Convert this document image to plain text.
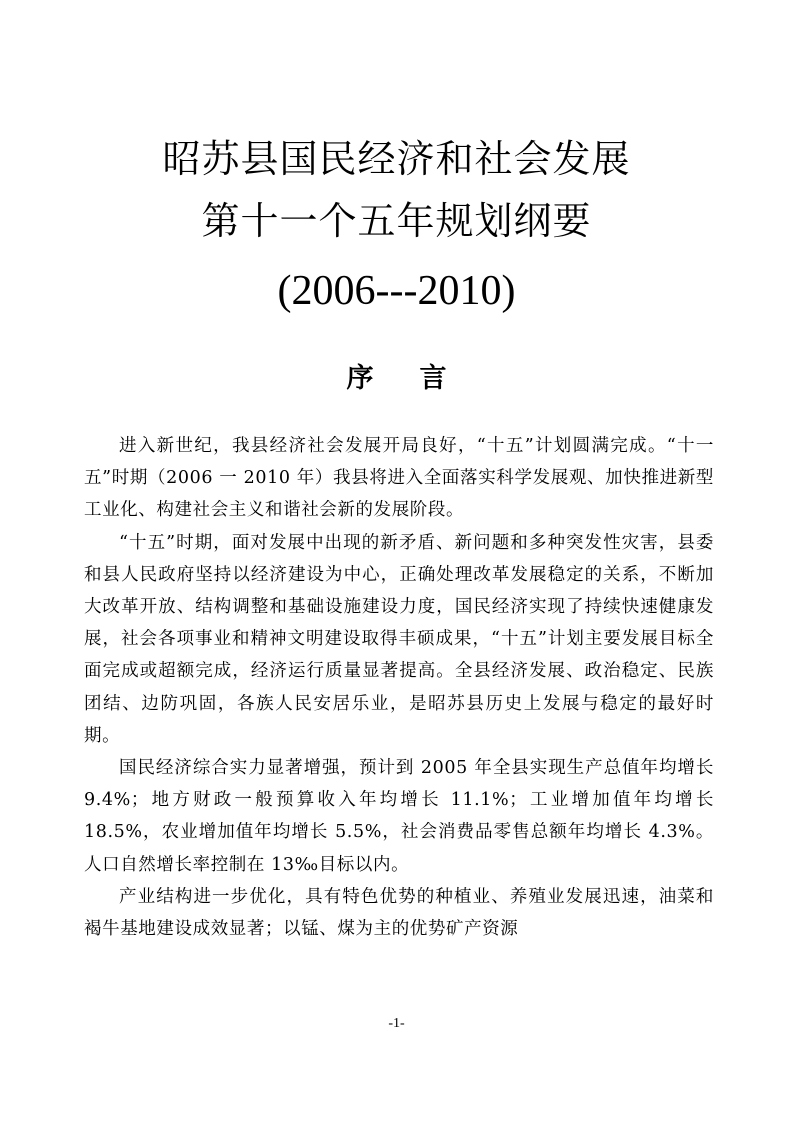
昭苏县国民经济和社会发展
第十一个五年规划纲要
(2006---2010)
序 言

进入新世纪，我县经济社会发展开局良好，“十五”计划圆满完成。“十一五”时期（2006 一 2010 年）我县将进入全面落实科学发展观、加快推进新型工业化、构建社会主义和谐社会新的发展阶段。

“十五”时期，面对发展中出现的新矛盾、新问题和多种突发性灾害，县委和县人民政府坚持以经济建设为中心，正确处理改革发展稳定的关系，不断加大改革开放、结构调整和基础设施建设力度，国民经济实现了持续快速健康发展，社会各项事业和精神文明建设取得丰硕成果，“十五”计划主要发展目标全面完成或超额完成，经济运行质量显著提高。全县经济发展、政治稳定、民族团结、边防巩固，各族人民安居乐业，是昭苏县历史上发展与稳定的最好时期。

国民经济综合实力显著增强，预计到 2005 年全县实现生产总值年均增长 9.4%；地方财政一般预算收入年均增长 11.1%；工业增加值年均增长 18.5%，农业增加值年均增长 5.5%，社会消费品零售总额年均增长 4.3%。人口自然增长率控制在 13‰目标以内。

产业结构进一步优化，具有特色优势的种植业、养殖业发展迅速，油菜和褐牛基地建设成效显著；以锰、煤为主的优势矿产资源

-1-
